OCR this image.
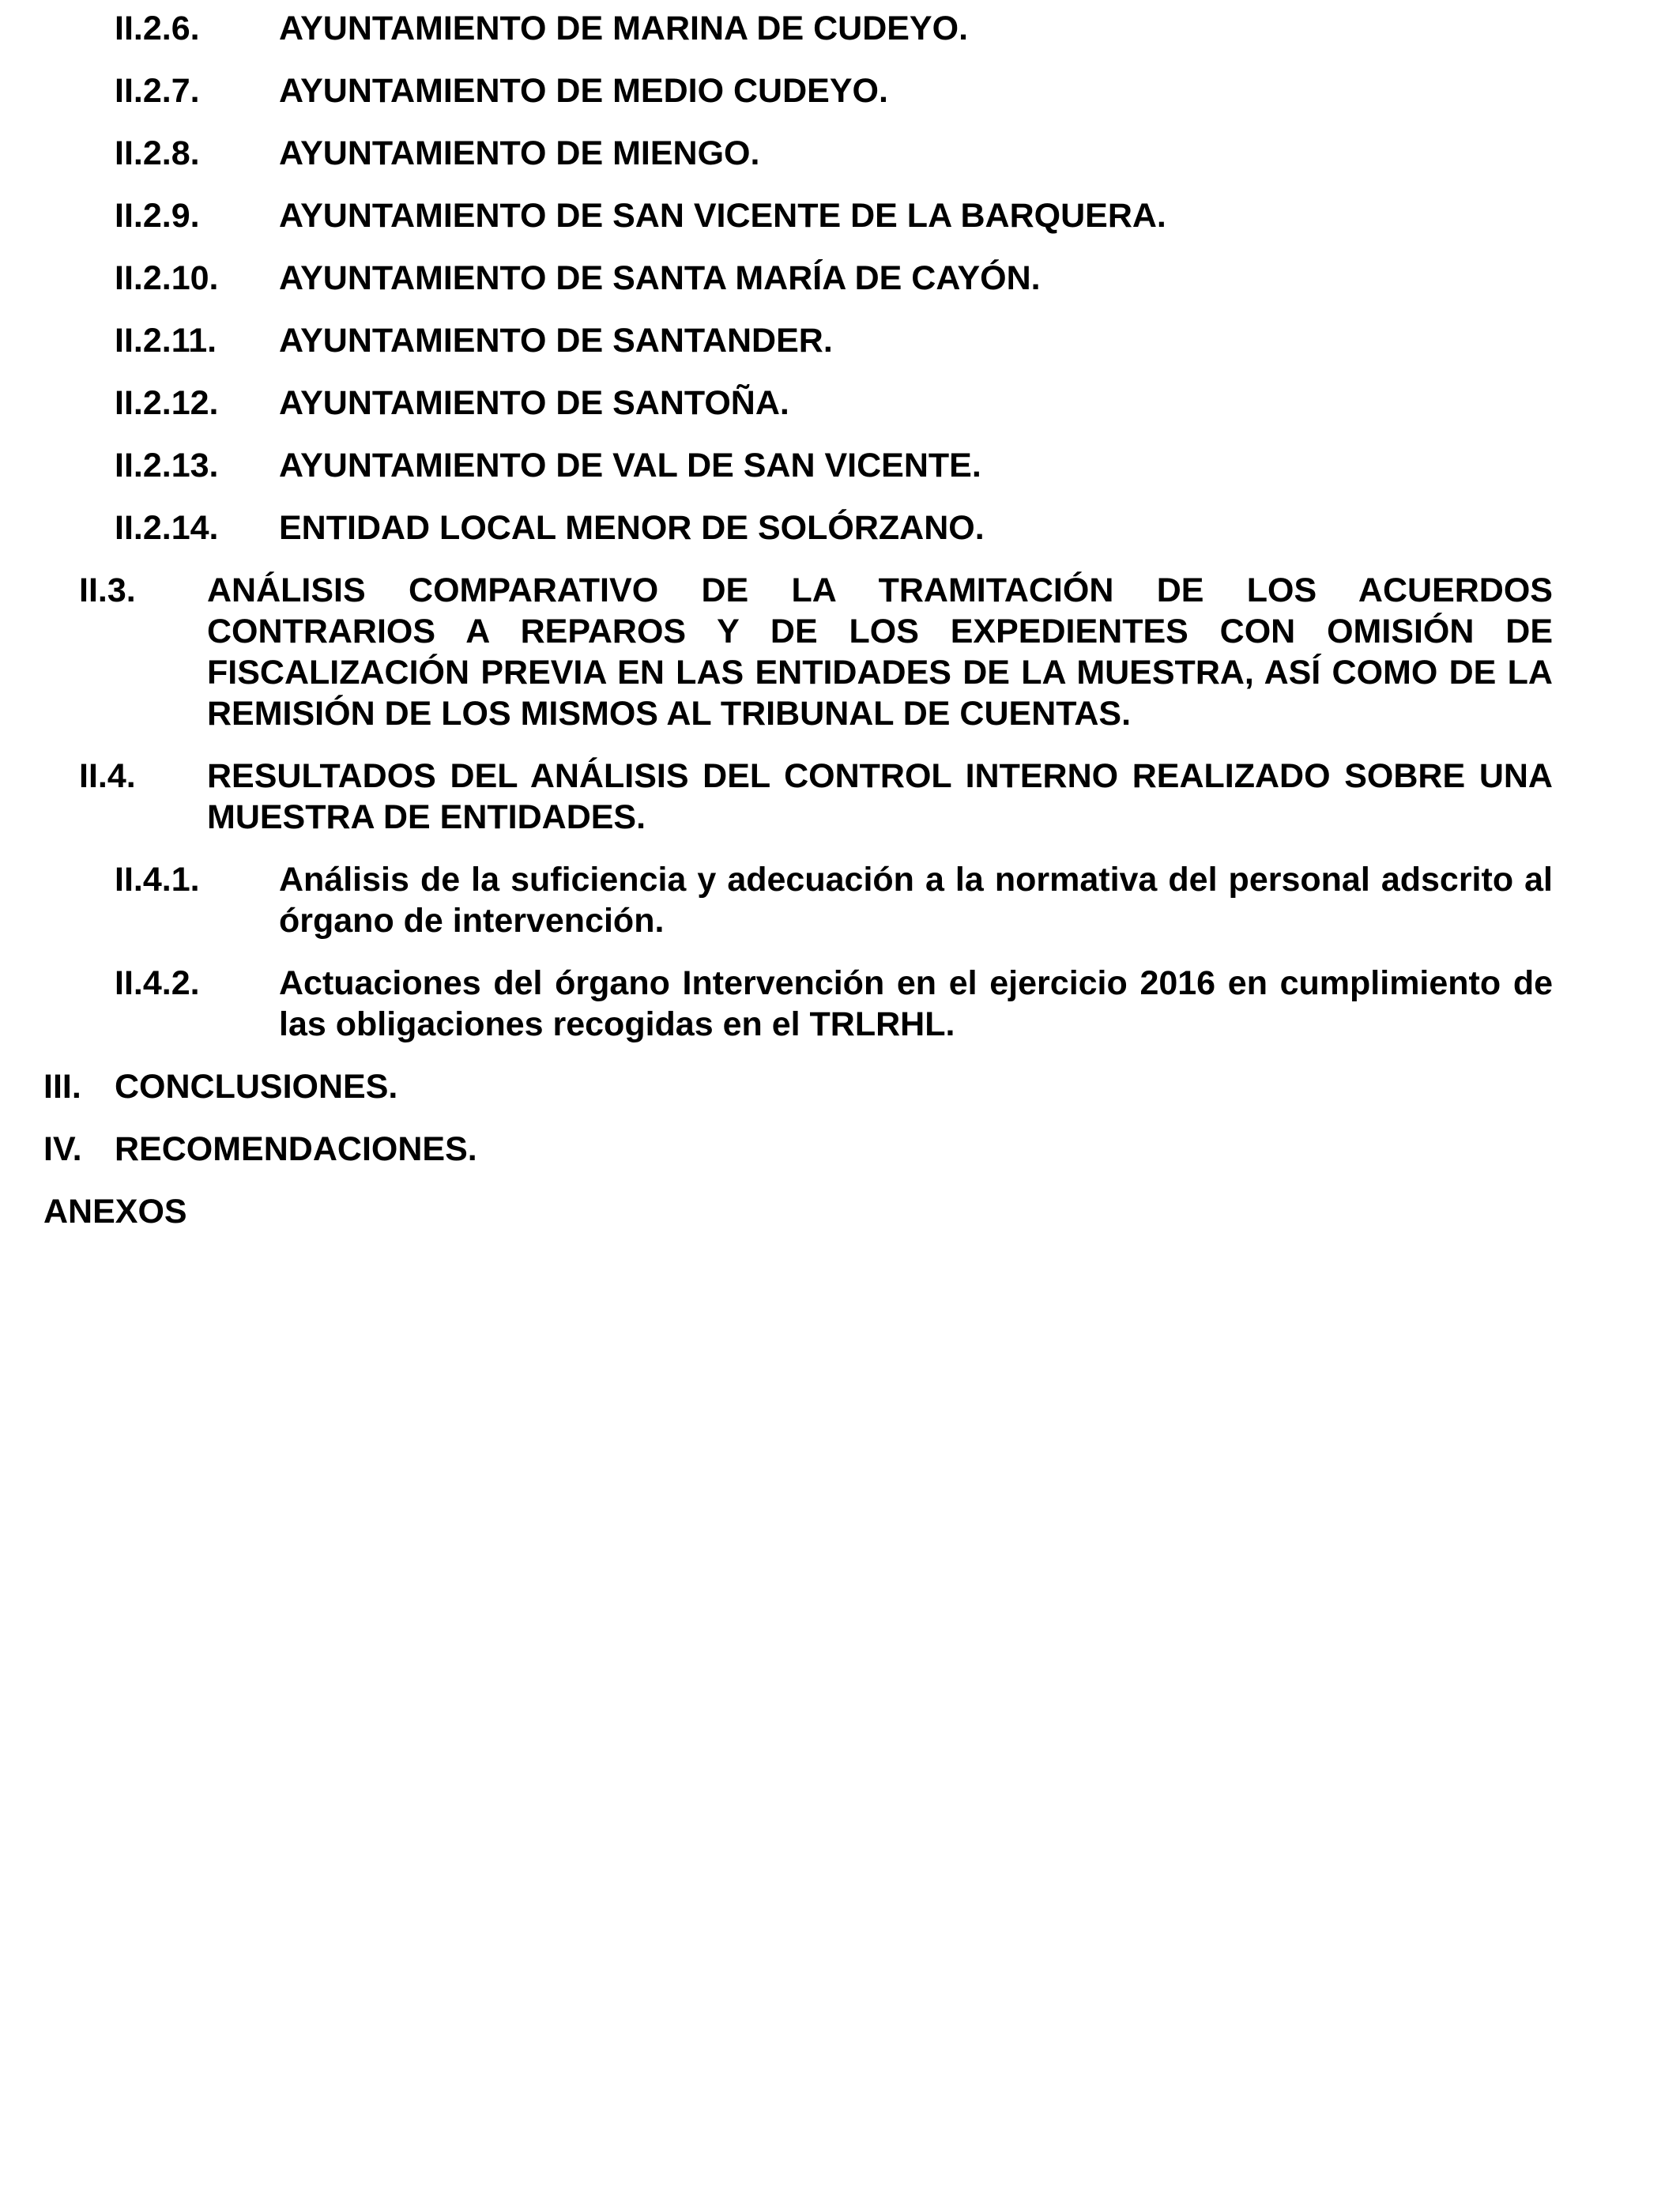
II.2.6.	AYUNTAMIENTO DE MARINA DE CUDEYO.
II.2.7.	AYUNTAMIENTO DE MEDIO CUDEYO.
II.2.8.	AYUNTAMIENTO DE MIENGO.
II.2.9.	AYUNTAMIENTO DE SAN VICENTE DE LA BARQUERA.
II.2.10.	AYUNTAMIENTO DE SANTA MARÍA DE CAYÓN.
II.2.11.	AYUNTAMIENTO DE SANTANDER.
II.2.12.	AYUNTAMIENTO DE SANTOÑA.
II.2.13.	AYUNTAMIENTO DE VAL DE SAN VICENTE.
II.2.14.	ENTIDAD LOCAL MENOR DE SOLÓRZANO.
II.3.	ANÁLISIS COMPARATIVO DE LA TRAMITACIÓN DE LOS ACUERDOS CONTRARIOS A REPAROS Y DE LOS EXPEDIENTES CON OMISIÓN DE FISCALIZACIÓN PREVIA EN LAS ENTIDADES DE LA MUESTRA, ASÍ COMO DE LA REMISIÓN DE LOS MISMOS AL TRIBUNAL DE CUENTAS.
II.4.	RESULTADOS DEL ANÁLISIS DEL CONTROL INTERNO REALIZADO SOBRE UNA MUESTRA DE ENTIDADES.
II.4.1.	Análisis de la suficiencia y adecuación a la normativa del personal adscrito al órgano de intervención.
II.4.2.	Actuaciones del órgano Intervención en el ejercicio 2016 en cumplimiento de las obligaciones recogidas en el TRLRHL.
III. CONCLUSIONES.
IV. RECOMENDACIONES.
ANEXOS
